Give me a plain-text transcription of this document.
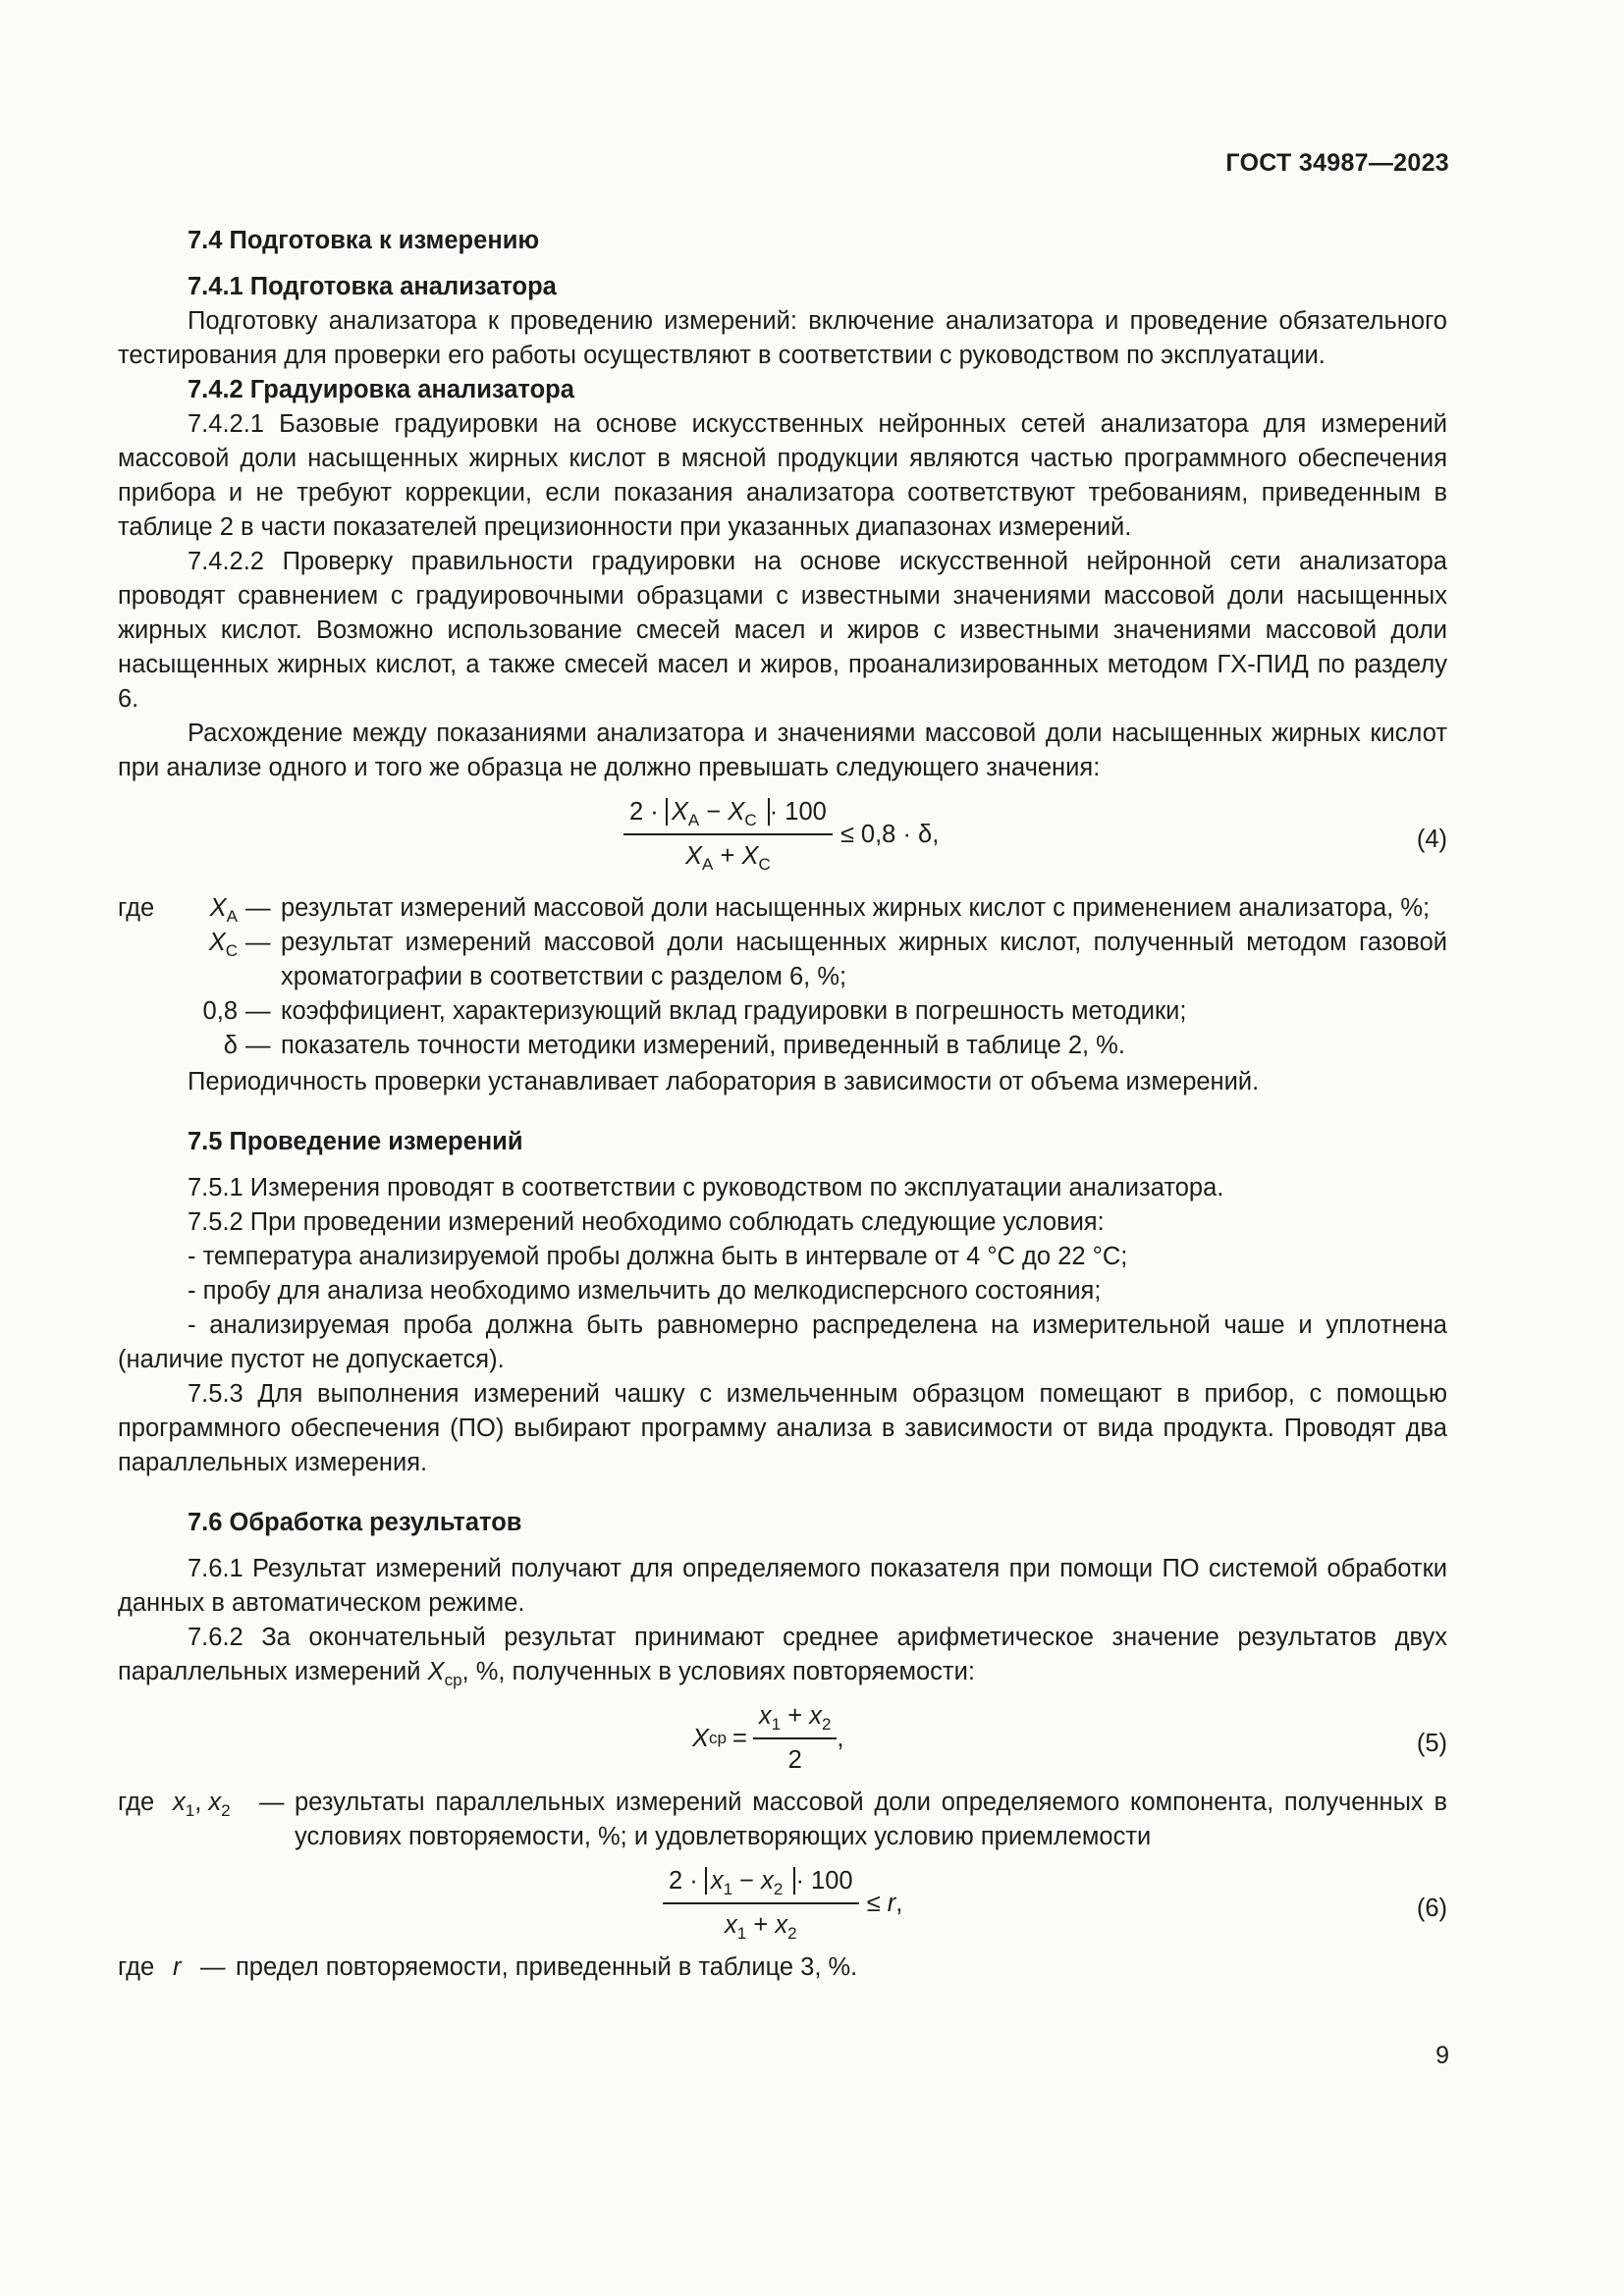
ГОСТ 34987—2023
7.4 Подготовка к измерению
7.4.1 Подготовка анализатора

Подготовку анализатора к проведению измерений: включение анализатора и проведение обязательного тестирования для проверки его работы осуществляют в соответствии с руководством по эксплуатации.

7.4.2 Градуировка анализатора

7.4.2.1 Базовые градуировки на основе искусственных нейронных сетей анализатора для измерений массовой доли насыщенных жирных кислот в мясной продукции являются частью программного обеспечения прибора и не требуют коррекции, если показания анализатора соответствуют требованиям, приведенным в таблице 2 в части показателей прецизионности при указанных диапазонах измерений.

7.4.2.2 Проверку правильности градуировки на основе искусственной нейронной сети анализатора проводят сравнением с градуировочными образцами с известными значениями массовой доли насыщенных жирных кислот. Возможно использование смесей масел и жиров с известными значениями массовой доли насыщенных жирных кислот, а также смесей масел и жиров, проанализированных методом ГХ-ПИД по разделу 6.

Расхождение между показаниями анализатора и значениями массовой доли насыщенных жирных кислот при анализе одного и того же образца не должно превышать следующего значения:

$2 \cdot X_A - X_C \cdot 100$
$X_A + X_C$
≤ 0,8 · δ,	(4)
где	$X_A$ — результат измерений массовой доли насыщенных жирных кислот с применением анализатора, %;
$X_C$ — результат измерений массовой доли насыщенных жирных кислот, полученный методом газовой хроматографии в соответствии с разделом 6, %;
0,8 — коэффициент, характеризующий вклад градуировки в погрешность методики;
δ — показатель точности методики измерений, приведенный в таблице 2, %.

Периодичность проверки устанавливает лаборатория в зависимости от объема измерений.

7.5 Проведение измерений

7.5.1 Измерения проводят в соответствии с руководством по эксплуатации анализатора.

7.5.2 При проведении измерений необходимо соблюдать следующие условия:

- температура анализируемой пробы должна быть в интервале от 4 °С до 22 °С;

- пробу для анализа необходимо измельчить до мелкодисперсного состояния;

- анализируемая проба должна быть равномерно распределена на измерительной чаше и уплотнена (наличие пустот не допускается).

7.5.3 Для выполнения измерений чашку с измельченным образцом помещают в прибор, с помощью программного обеспечения (ПО) выбирают программу анализа в зависимости от вида продукта. Проводят два параллельных измерения.

7.6 Обработка результатов

7.6.1 Результат измерений получают для определяемого показателя при помощи ПО системой обработки данных в автоматическом режиме.

7.6.2 За окончательный результат принимают среднее арифметическое значение результатов двух параллельных измерений $X_{ср}$, %, полученных в условиях повторяемости:

X ср = $\frac{x_1 + x_2}{2}$ ,	(5)
где $x_1$, $x_2$	— результаты параллельных измерений массовой доли определяемого компонента, полученных в условиях повторяемости, %; и удовлетворяющих условию приемлемости
$2 \cdot x_1 - x_2 \cdot 100$
$x_1 + x_2$
≤ r,	(6)
где r — предел повторяемости, приведенный в таблице 3, %.
9
